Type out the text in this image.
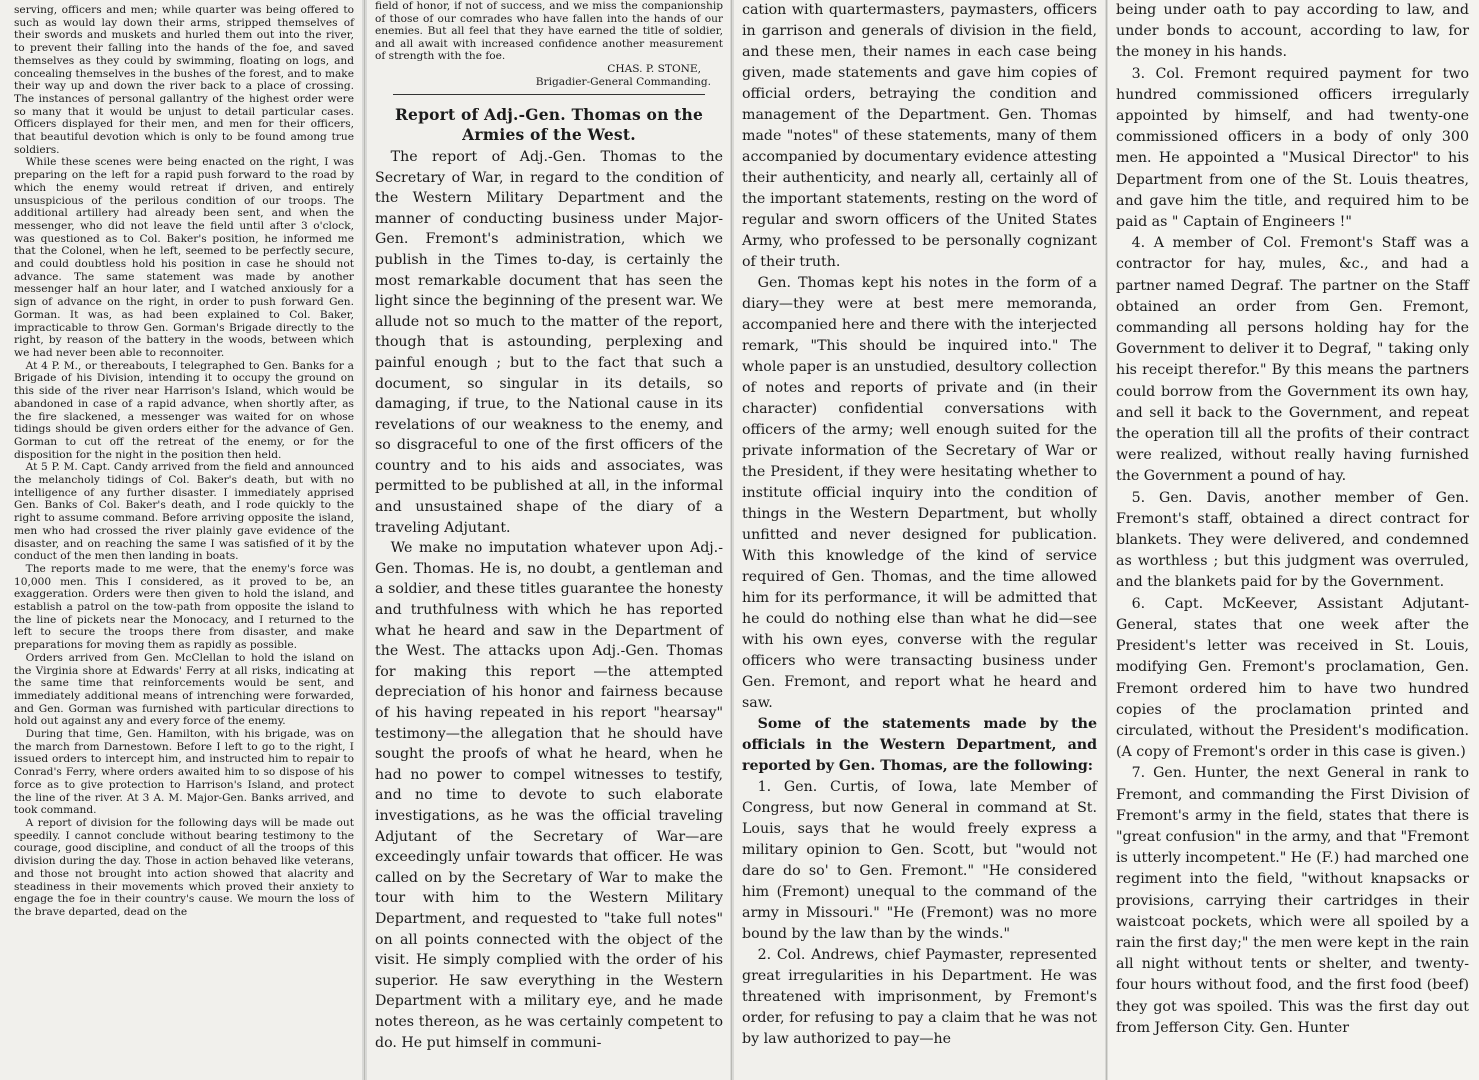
serving, officers and men; while quarter was being offered to such as would lay down their arms, stripped themselves of their swords and muskets and hurled them out into the river, to prevent their falling into the hands of the foe, and saved themselves as they could by swimming, floating on logs, and concealing themselves in the bushes of the forest, and to make their way up and down the river back to a place of crossing. The instances of personal gallantry of the highest order were so many that it would be unjust to detail particular cases. Officers displayed for their men, and men for their officers, that beautiful devotion which is only to be found among true soldiers.

While these scenes were being enacted on the right, I was preparing on the left for a rapid push forward to the road by which the enemy would retreat if driven, and entirely unsuspicious of the perilous condition of our troops. The additional artillery had already been sent, and when the messenger, who did not leave the field until after 3 o'clock, was questioned as to Col. Baker's position, he informed me that the Colonel, when he left, seemed to be perfectly secure, and could doubtless hold his position in case he should not advance. The same statement was made by another messenger half an hour later, and I watched anxiously for a sign of advance on the right, in order to push forward Gen. Gorman. It was, as had been explained to Col. Baker, impracticable to throw Gen. Gorman's Brigade directly to the right, by reason of the battery in the woods, between which we had never been able to reconnoiter.

At 4 P. M., or thereabouts, I telegraphed to Gen. Banks for a Brigade of his Division, intending it to occupy the ground on this side of the river near Harrison's Island, which would be abandoned in case of a rapid advance, when shortly after, as the fire slackened, a messenger was waited for on whose tidings should be given orders either for the advance of Gen. Gorman to cut off the retreat of the enemy, or for the disposition for the night in the position then held.

At 5 P. M. Capt. Candy arrived from the field and announced the melancholy tidings of Col. Baker's death, but with no intelligence of any further disaster. I immediately apprised Gen. Banks of Col. Baker's death, and I rode quickly to the right to assume command. Before arriving opposite the island, men who had crossed the river plainly gave evidence of the disaster, and on reaching the same I was satisfied of it by the conduct of the men then landing in boats.

The reports made to me were, that the enemy's force was 10,000 men. This I considered, as it proved to be, an exaggeration. Orders were then given to hold the island, and establish a patrol on the tow-path from opposite the island to the line of pickets near the Monocacy, and I returned to the left to secure the troops there from disaster, and make preparations for moving them as rapidly as possible.

Orders arrived from Gen. McClellan to hold the island on the Virginia shore at Edwards' Ferry at all risks, indicating at the same time that reinforcements would be sent, and immediately additional means of intrenching were forwarded, and Gen. Gorman was furnished with particular directions to hold out against any and every force of the enemy.

During that time, Gen. Hamilton, with his brigade, was on the march from Darnestown. Before I left to go to the right, I issued orders to intercept him, and instructed him to repair to Conrad's Ferry, where orders awaited him to so dispose of his force as to give protection to Harrison's Island, and protect the line of the river. At 3 A. M. Major-Gen. Banks arrived, and took command.

A report of division for the following days will be made out speedily. I cannot conclude without bearing testimony to the courage, good discipline, and conduct of all the troops of this division during the day. Those in action behaved like veterans, and those not brought into action showed that alacrity and steadiness in their movements which proved their anxiety to engage the foe in their country's cause. We mourn the loss of the brave departed, dead on the

field of honor, if not of success, and we miss the companionship of those of our comrades who have fallen into the hands of our enemies. But all feel that they have earned the title of soldier, and all await with increased confidence another measurement of strength with the foe.

CHAS. P. STONE,
Brigadier-General Commanding.
Report of Adj.-Gen. Thomas on the Armies of the West.

The report of Adj.-Gen. Thomas to the Secretary of War, in regard to the condition of the Western Military Department and the manner of conducting business under Major-Gen. Fremont's administration, which we publish in the Times to-day, is certainly the most remarkable document that has seen the light since the beginning of the present war. We allude not so much to the matter of the report, though that is astounding, perplexing and painful enough ; but to the fact that such a document, so singular in its details, so damaging, if true, to the National cause in its revelations of our weakness to the enemy, and so disgraceful to one of the first officers of the country and to his aids and associates, was permitted to be published at all, in the informal and unsustained shape of the diary of a traveling Adjutant.

We make no imputation whatever upon Adj.-Gen. Thomas. He is, no doubt, a gentleman and a soldier, and these titles guarantee the honesty and truthfulness with which he has reported what he heard and saw in the Department of the West. The attacks upon Adj.-Gen. Thomas for making this report —the attempted depreciation of his honor and fairness because of his having repeated in his report "hearsay" testimony—the allegation that he should have sought the proofs of what he heard, when he had no power to compel witnesses to testify, and no time to devote to such elaborate investigations, as he was the official traveling Adjutant of the Secretary of War—are exceedingly unfair towards that officer. He was called on by the Secretary of War to make the tour with him to the Western Military Department, and requested to "take full notes" on all points connected with the object of the visit. He simply complied with the order of his superior. He saw everything in the Western Department with a military eye, and he made notes thereon, as he was certainly competent to do. He put himself in communi-

cation with quartermasters, paymasters, officers in garrison and generals of division in the field, and these men, their names in each case being given, made statements and gave him copies of official orders, betraying the condition and management of the Department. Gen. Thomas made "notes" of these statements, many of them accompanied by documentary evidence attesting their authenticity, and nearly all, certainly all of the important statements, resting on the word of regular and sworn officers of the United States Army, who professed to be personally cognizant of their truth.

Gen. Thomas kept his notes in the form of a diary—they were at best mere memoranda, accompanied here and there with the interjected remark, "This should be inquired into." The whole paper is an unstudied, desultory collection of notes and reports of private and (in their character) confidential conversations with officers of the army; well enough suited for the private information of the Secretary of War or the President, if they were hesitating whether to institute official inquiry into the condition of things in the Western Department, but wholly unfitted and never designed for publication. With this knowledge of the kind of service required of Gen. Thomas, and the time allowed him for its performance, it will be admitted that he could do nothing else than what he did—see with his own eyes, converse with the regular officers who were transacting business under Gen. Fremont, and report what he heard and saw.

Some of the statements made by the officials in the Western Department, and reported by Gen. Thomas, are the following:

1. Gen. Curtis, of Iowa, late Member of Congress, but now General in command at St. Louis, says that he would freely express a military opinion to Gen. Scott, but "would not dare do so' to Gen. Fremont." "He considered him (Fremont) unequal to the command of the army in Missouri." "He (Fremont) was no more bound by the law than by the winds."

2. Col. Andrews, chief Paymaster, represented great irregularities in his Department. He was threatened with imprisonment, by Fremont's order, for refusing to pay a claim that he was not by law authorized to pay—he

being under oath to pay according to law, and under bonds to account, according to law, for the money in his hands.

3. Col. Fremont required payment for two hundred commissioned officers irregularly appointed by himself, and had twenty-one commissioned officers in a body of only 300 men. He appointed a "Musical Director" to his Department from one of the St. Louis theatres, and gave him the title, and required him to be paid as " Captain of Engineers !"

4. A member of Col. Fremont's Staff was a contractor for hay, mules, &c., and had a partner named Degraf. The partner on the Staff obtained an order from Gen. Fremont, commanding all persons holding hay for the Government to deliver it to Degraf, " taking only his receipt therefor." By this means the partners could borrow from the Government its own hay, and sell it back to the Government, and repeat the operation till all the profits of their contract were realized, without really having furnished the Government a pound of hay.

5. Gen. Davis, another member of Gen. Fremont's staff, obtained a direct contract for blankets. They were delivered, and condemned as worthless ; but this judgment was overruled, and the blankets paid for by the Government.

6. Capt. McKeever, Assistant Adjutant-General, states that one week after the President's letter was received in St. Louis, modifying Gen. Fremont's proclamation, Gen. Fremont ordered him to have two hundred copies of the proclamation printed and circulated, without the President's modification. (A copy of Fremont's order in this case is given.)

7. Gen. Hunter, the next General in rank to Fremont, and commanding the First Division of Fremont's army in the field, states that there is "great confusion" in the army, and that "Fremont is utterly incompetent." He (F.) had marched one regiment into the field, "without knapsacks or provisions, carrying their cartridges in their waistcoat pockets, which were all spoiled by a rain the first day;" the men were kept in the rain all night without tents or shelter, and twenty-four hours without food, and the first food (beef) they got was spoiled. This was the first day out from Jefferson City. Gen. Hunter
